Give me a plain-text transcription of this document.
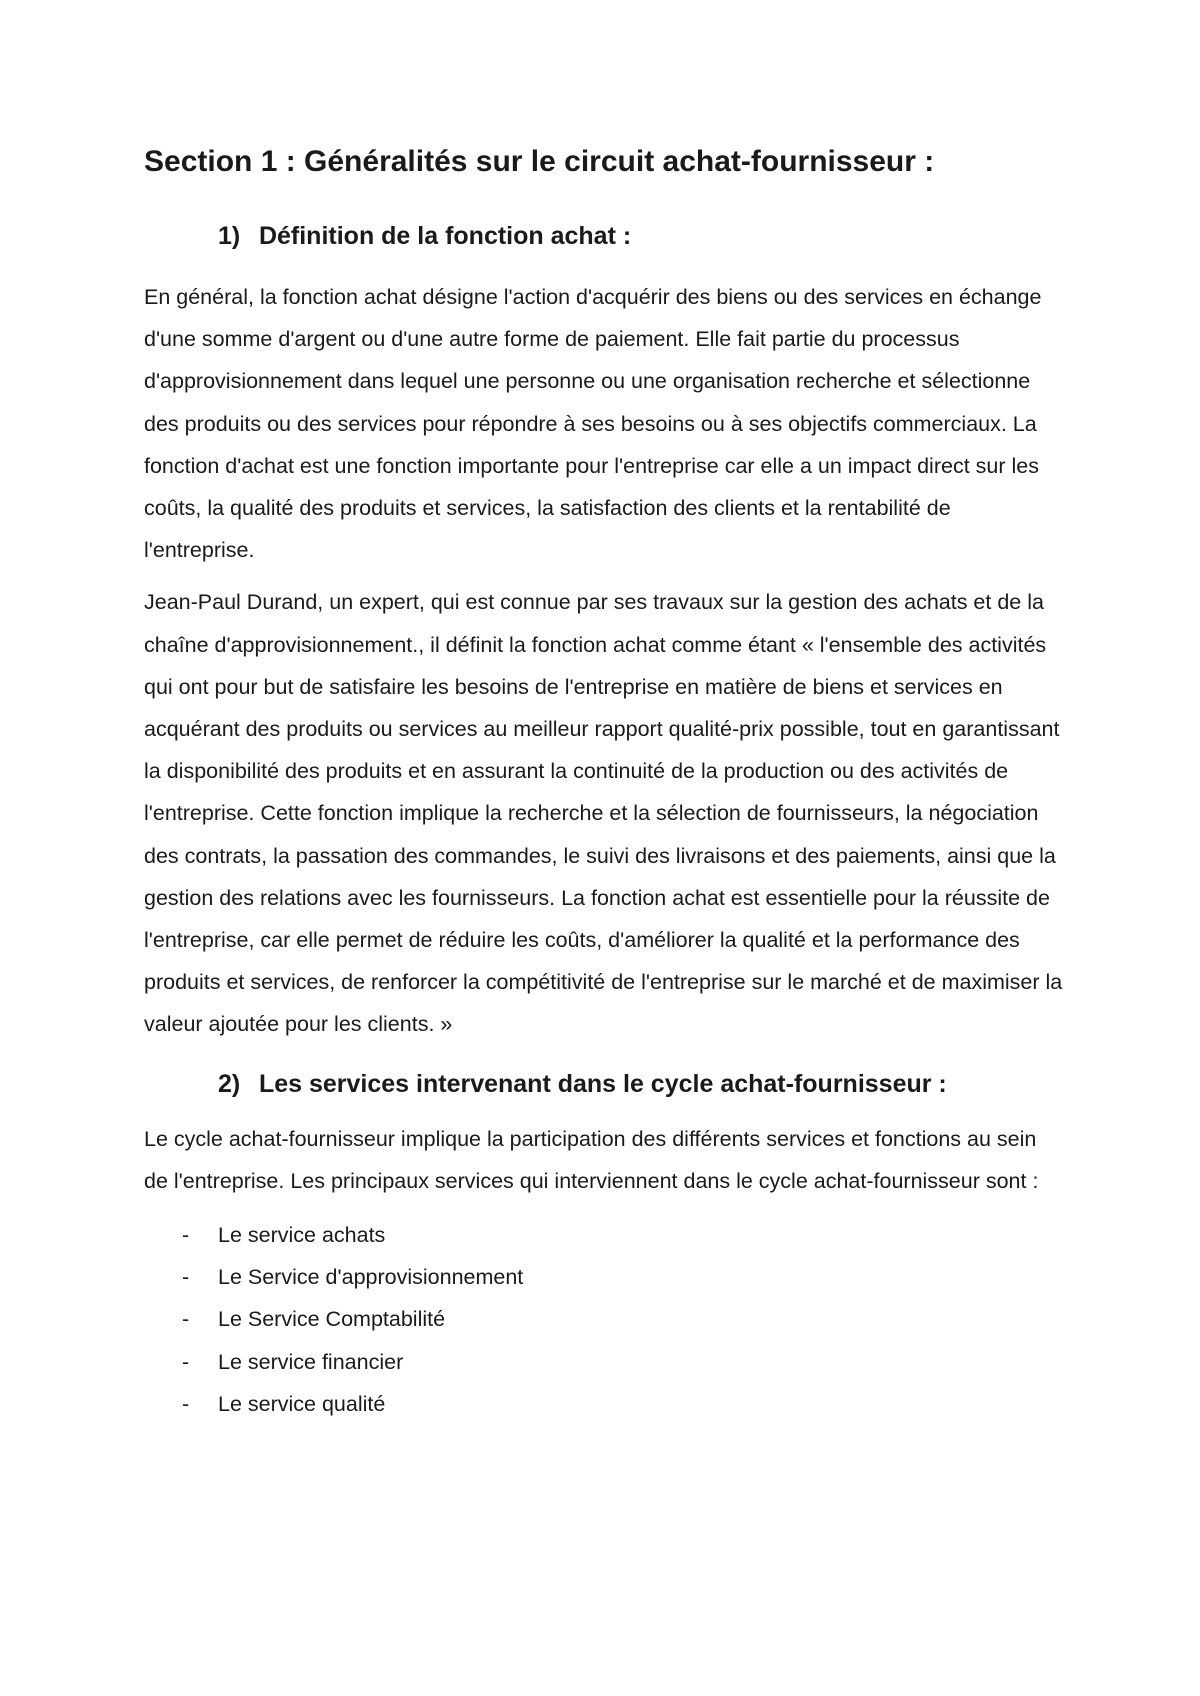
Section 1 : Généralités sur le circuit achat-fournisseur :
1) Définition de la fonction achat :

En général, la fonction achat désigne l'action d'acquérir des biens ou des services en échange d'une somme d'argent ou d'une autre forme de paiement. Elle fait partie du processus d'approvisionnement dans lequel une personne ou une organisation recherche et sélectionne des produits ou des services pour répondre à ses besoins ou à ses objectifs commerciaux. La fonction d'achat est une fonction importante pour l'entreprise car elle a un impact direct sur les coûts, la qualité des produits et services, la satisfaction des clients et la rentabilité de l'entreprise.

Jean-Paul Durand, un expert, qui est connue par ses travaux sur la gestion des achats et de la chaîne d'approvisionnement., il définit la fonction achat comme étant « l'ensemble des activités qui ont pour but de satisfaire les besoins de l'entreprise en matière de biens et services en acquérant des produits ou services au meilleur rapport qualité-prix possible, tout en garantissant la disponibilité des produits et en assurant la continuité de la production ou des activités de l'entreprise. Cette fonction implique la recherche et la sélection de fournisseurs, la négociation des contrats, la passation des commandes, le suivi des livraisons et des paiements, ainsi que la gestion des relations avec les fournisseurs. La fonction achat est essentielle pour la réussite de l'entreprise, car elle permet de réduire les coûts, d'améliorer la qualité et la performance des produits et services, de renforcer la compétitivité de l'entreprise sur le marché et de maximiser la valeur ajoutée pour les clients. »

2) Les services intervenant dans le cycle achat-fournisseur :

Le cycle achat-fournisseur implique la participation des différents services et fonctions au sein de l'entreprise. Les principaux services qui interviennent dans le cycle achat-fournisseur sont :

- Le service achats
- Le Service d'approvisionnement
- Le Service Comptabilité
- Le service financier
- Le service qualité
